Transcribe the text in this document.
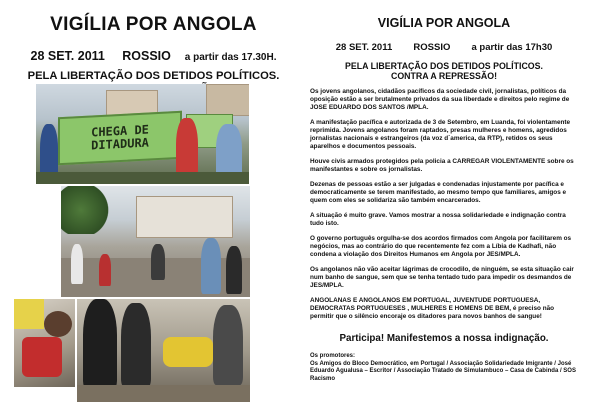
VIGÍLIA POR ANGOLA
28 SET. 2011 ROSSIO a partir das 17.30H.
PELA LIBERTAÇÃO DOS DETIDOS POLÍTICOS.
CHEGA DE
DITADURA
VIGÍLIA POR ANGOLA
28 SET. 2011 ROSSIO a partir das 17h30
PELA LIBERTAÇÃO DOS DETIDOS POLÍTICOS.
CONTRA A REPRESSÃO!

Os jovens angolanos, cidadãos pacíficos da sociedade civil, jornalistas, políticos da oposição estão a ser brutalmente privados da sua liberdade e direitos pelo regime de JOSE EDUARDO DOS SANTOS /MPLA.

A manifestação pacífica e autorizada de 3 de Setembro, em Luanda, foi violentamente reprimida. Jovens angolanos foram raptados, presas mulheres e homens, agredidos jornalistas nacionais e estrangeiros (da voz d´america, da RTP), retidos os seus aparelhos e documentos pessoais.

Houve civis armados protegidos pela policia a CARREGAR VIOLENTAMENTE sobre os manifestantes e sobre os jornalistas.

Dezenas de pessoas estão a ser julgadas e condenadas injustamente por pacífica e democraticamente se terem manifestado, ao mesmo tempo que familiares, amigos e quem com eles se solidariza são também encarcerados.

A situação é muito grave. Vamos mostrar a nossa solidariedade e indignação contra tudo isto.

O governo português orgulha-se dos acordos firmados com Angola por facilitarem os negócios, mas ao contrário do que recentemente fez com a Líbia de Kadhafi, não condena a violação dos Direitos Humanos em Angola por JES/MPLA.

Os angolanos não vão aceitar lágrimas de crocodilo, de ninguém, se esta situação cair num banho de sangue, sem que se tenha tentado tudo para impedir os desmandos de JES/MPLA.

ANGOLANAS E ANGOLANOS EM PORTUGAL, JUVENTUDE PORTUGUESA, DEMOCRATAS PORTUGUESES , MULHERES E HOMENS DE BEM, é preciso não permitir que o silêncio encoraje os ditadores para novos banhos de sangue!

Participa! Manifestemos a nossa indignação.
Os promotores:
Os Amigos do Bloco Democrático, em Portugal / Associação Solidariedade Imigrante / José Eduardo Agualusa – Escritor / Associação Tratado de Simulambuco – Casa de Cabinda / SOS Racismo
